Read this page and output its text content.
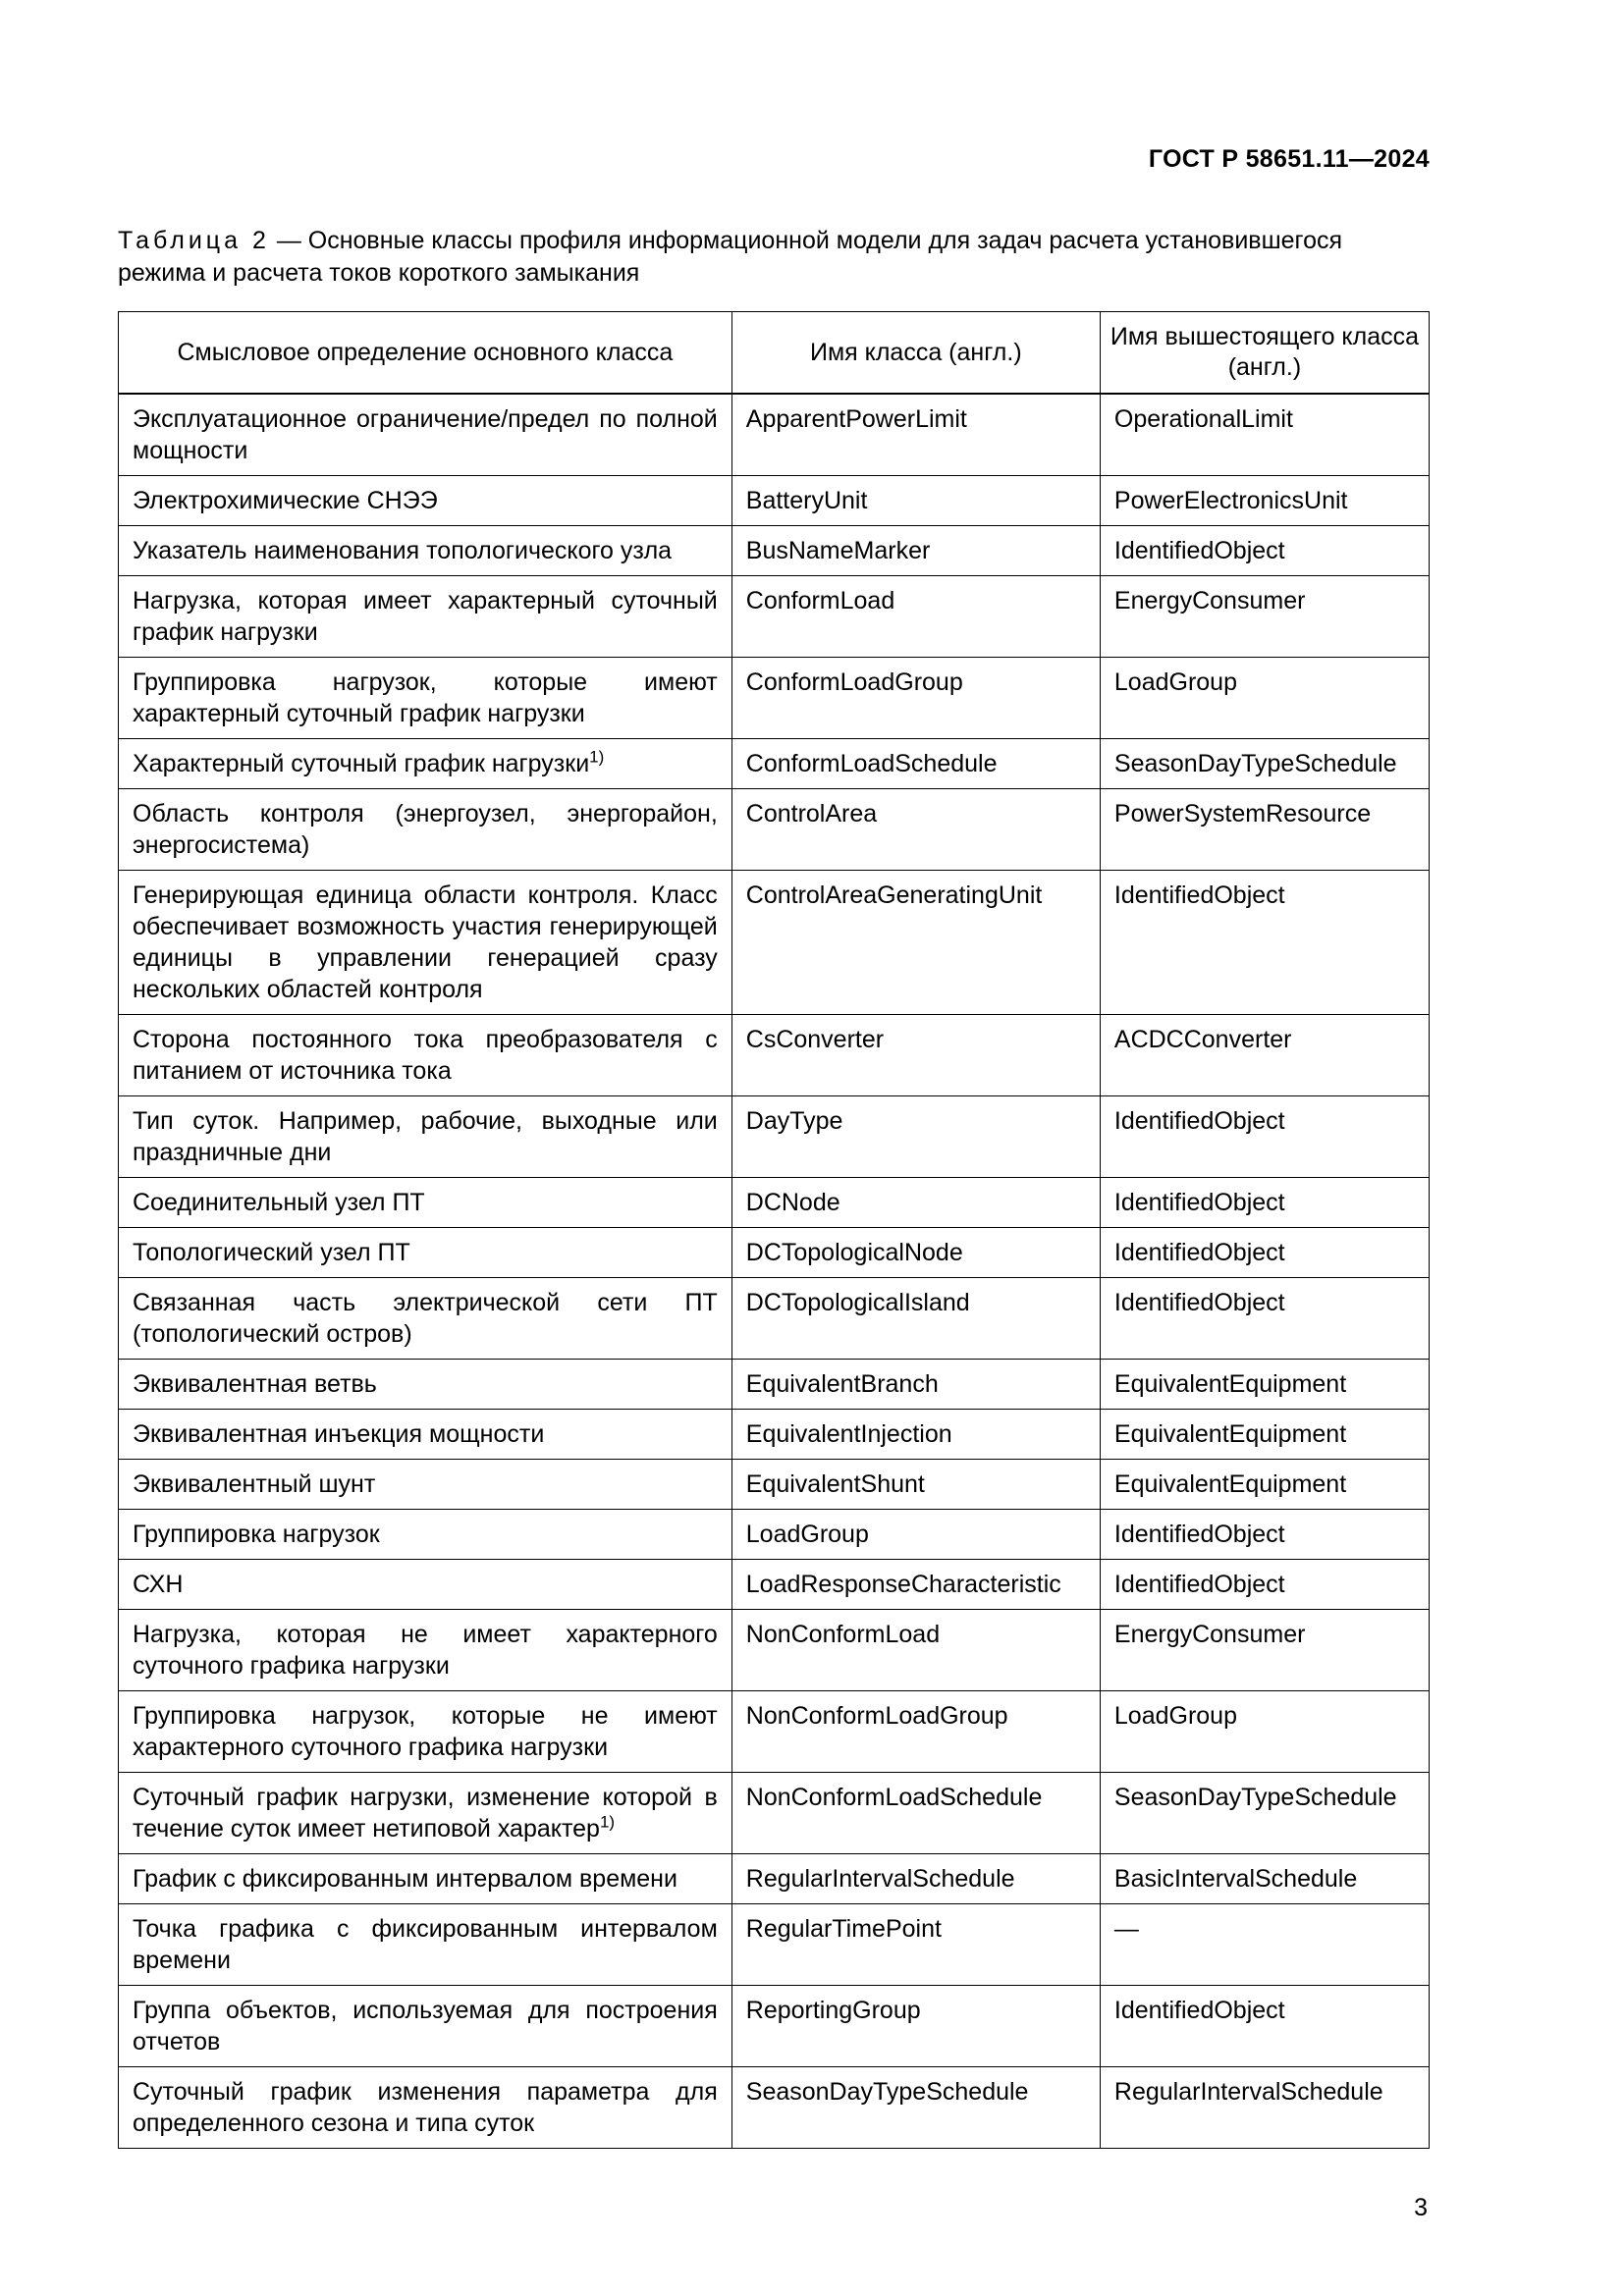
ГОСТ Р 58651.11—2024

Таблица 2 — Основные классы профиля информационной модели для задач расчета установившегося режима и расчета токов короткого замыкания

Смысловое определение основного класса	Имя класса (англ.)	Имя вышестоящего класса (англ.)
Эксплуатационное ограничение/предел по полной мощности	ApparentPowerLimit	OperationalLimit
Электрохимические СНЭЭ	BatteryUnit	PowerElectronicsUnit
Указатель наименования топологического узла	BusNameMarker	IdentifiedObject
Нагрузка, которая имеет характерный суточный график нагрузки	ConformLoad	EnergyConsumer
Группировка нагрузок, которые имеют характерный суточный график нагрузки	ConformLoadGroup	LoadGroup
Характерный суточный график нагрузки$^{1)}$	ConformLoadSchedule	SeasonDayTypeSchedule
Область контроля (энергоузел, энергорайон, энергосистема)	ControlArea	PowerSystemResource
Генерирующая единица области контроля. Класс обеспечивает возможность участия генерирующей единицы в управлении генерацией сразу нескольких областей контроля	ControlAreaGeneratingUnit	IdentifiedObject
Сторона постоянного тока преобразователя с питанием от источника тока	CsConverter	ACDCConverter
Тип суток. Например, рабочие, выходные или праздничные дни	DayType	IdentifiedObject
Соединительный узел ПТ	DCNode	IdentifiedObject
Топологический узел ПТ	DCTopologicalNode	IdentifiedObject
Связанная часть электрической сети ПТ (топологический остров)	DCTopologicalIsland	IdentifiedObject
Эквивалентная ветвь	EquivalentBranch	EquivalentEquipment
Эквивалентная инъекция мощности	EquivalentInjection	EquivalentEquipment
Эквивалентный шунт	EquivalentShunt	EquivalentEquipment
Группировка нагрузок	LoadGroup	IdentifiedObject
СХН	LoadResponseCharacteristic	IdentifiedObject
Нагрузка, которая не имеет характерного суточного графика нагрузки	NonConformLoad	EnergyConsumer
Группировка нагрузок, которые не имеют характерного суточного графика нагрузки	NonConformLoadGroup	LoadGroup
Суточный график нагрузки, изменение которой в течение суток имеет нетиповой характер$^{1)}$	NonConformLoadSchedule	SeasonDayTypeSchedule
График с фиксированным интервалом времени	RegularIntervalSchedule	BasicIntervalSchedule
Точка графика с фиксированным интервалом времени	RegularTimePoint	—
Группа объектов, используемая для построения отчетов	ReportingGroup	IdentifiedObject
Суточный график изменения параметра для определенного сезона и типа суток	SeasonDayTypeSchedule	RegularIntervalSchedule
3
